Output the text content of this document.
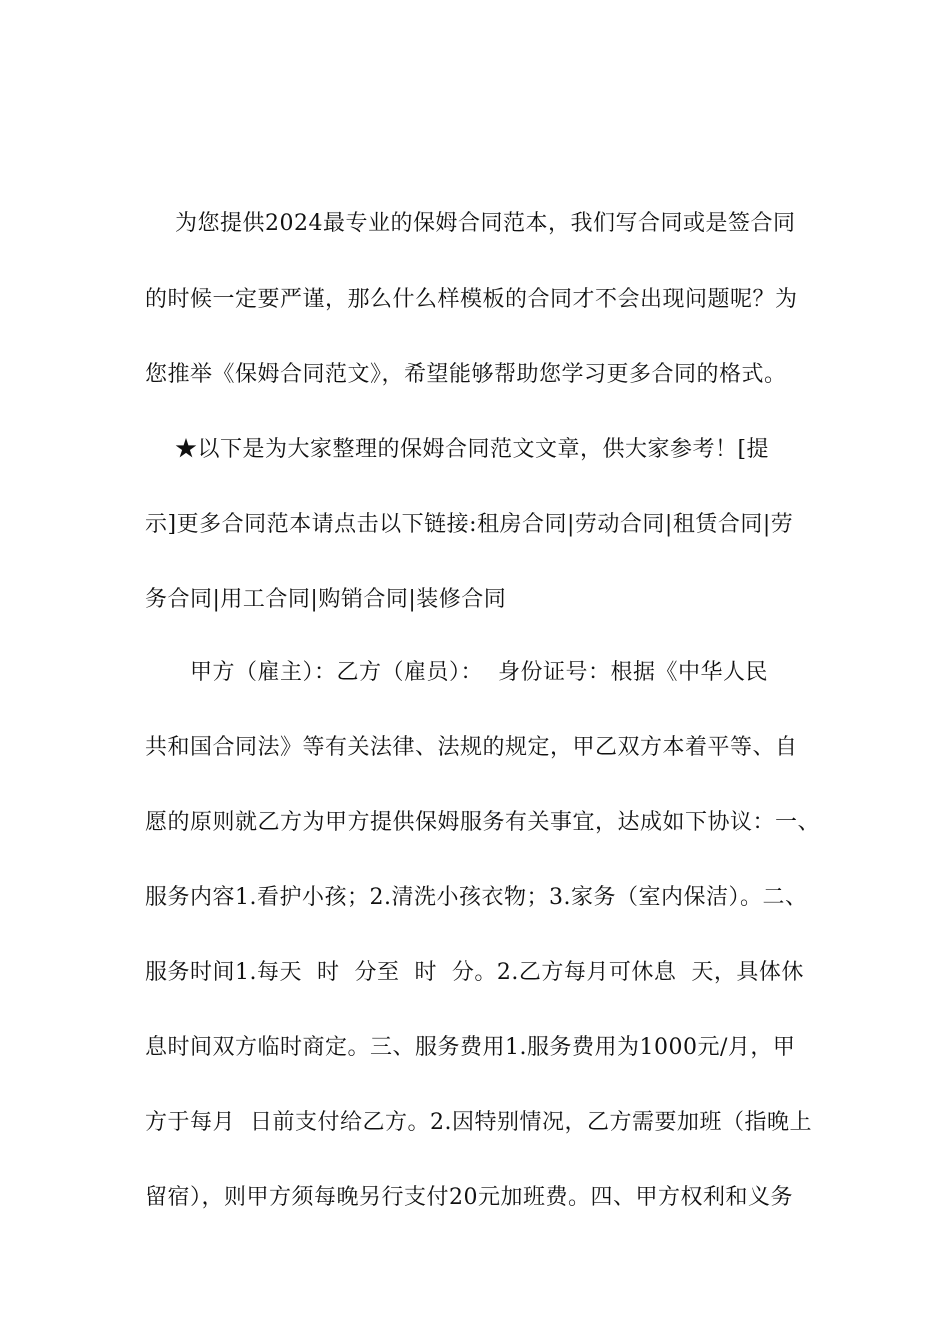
为您提供2024最专业的保姆合同范本，我们写合同或是签合同
的时候一定要严谨，那么什么样模板的合同才不会出现问题呢？为
您推举《保姆合同范文》，希望能够帮助您学习更多合同的格式。
★以下是为大家整理的保姆合同范文文章，供大家参考！[提
示]更多合同范本请点击以下链接:租房合同|劳动合同|租赁合同|劳
务合同|用工合同|购销合同|装修合同
甲方（雇主）：乙方（雇员）：  身份证号：根据《中华人民
共和国合同法》等有关法律、法规的规定，甲乙双方本着平等、自
愿的原则就乙方为甲方提供保姆服务有关事宜，达成如下协议：一、
服务内容1.看护小孩；2.清洗小孩衣物；3.家务（室内保洁）。二、
服务时间1.每天  时  分至  时  分。2.乙方每月可休息  天，具体休
息时间双方临时商定。三、服务费用1.服务费用为1000元/月，甲
方于每月  日前支付给乙方。2.因特别情况，乙方需要加班（指晚上
留宿），则甲方须每晚另行支付20元加班费。四、甲方权利和义务
